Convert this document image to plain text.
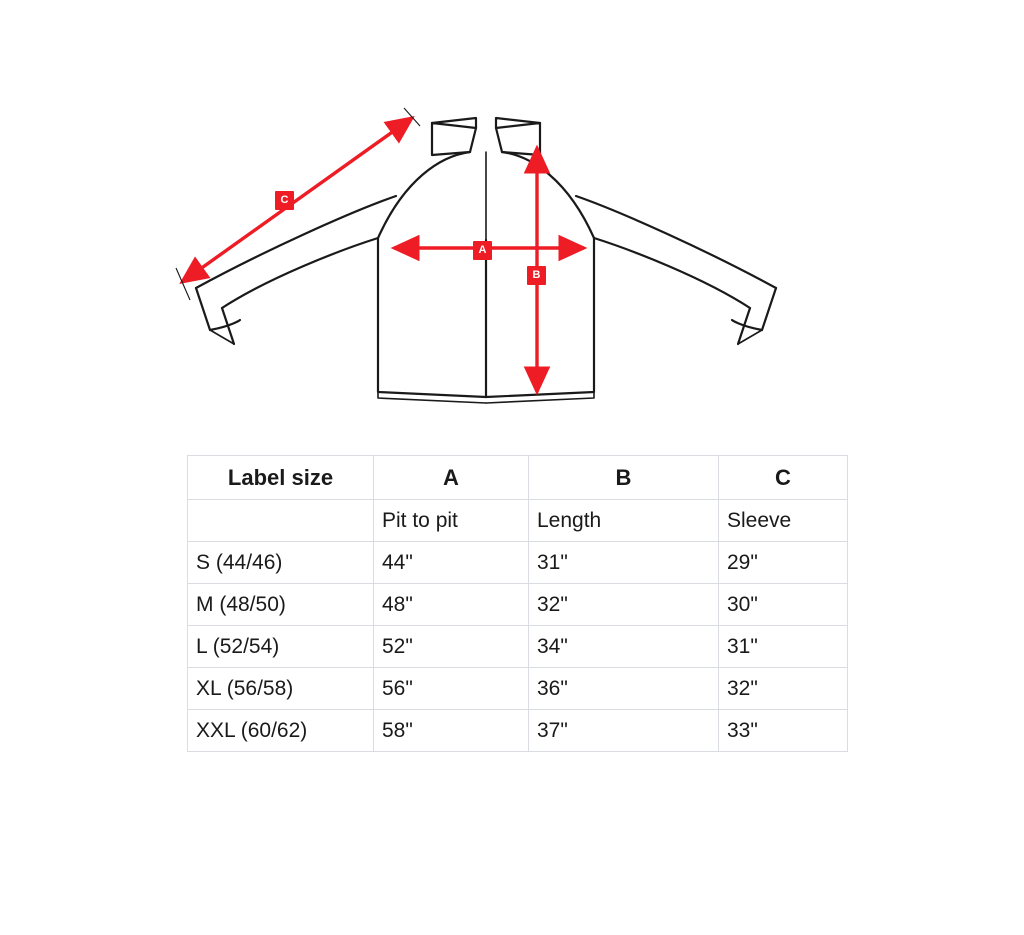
C
A
B
Label size	A	B	C
	Pit to pit	Length	Sleeve
S (44/46)	44"	31"	29"
M (48/50)	48"	32"	30"
L (52/54)	52"	34"	31"
XL (56/58)	56"	36"	32"
XXL (60/62)	58"	37"	33"
